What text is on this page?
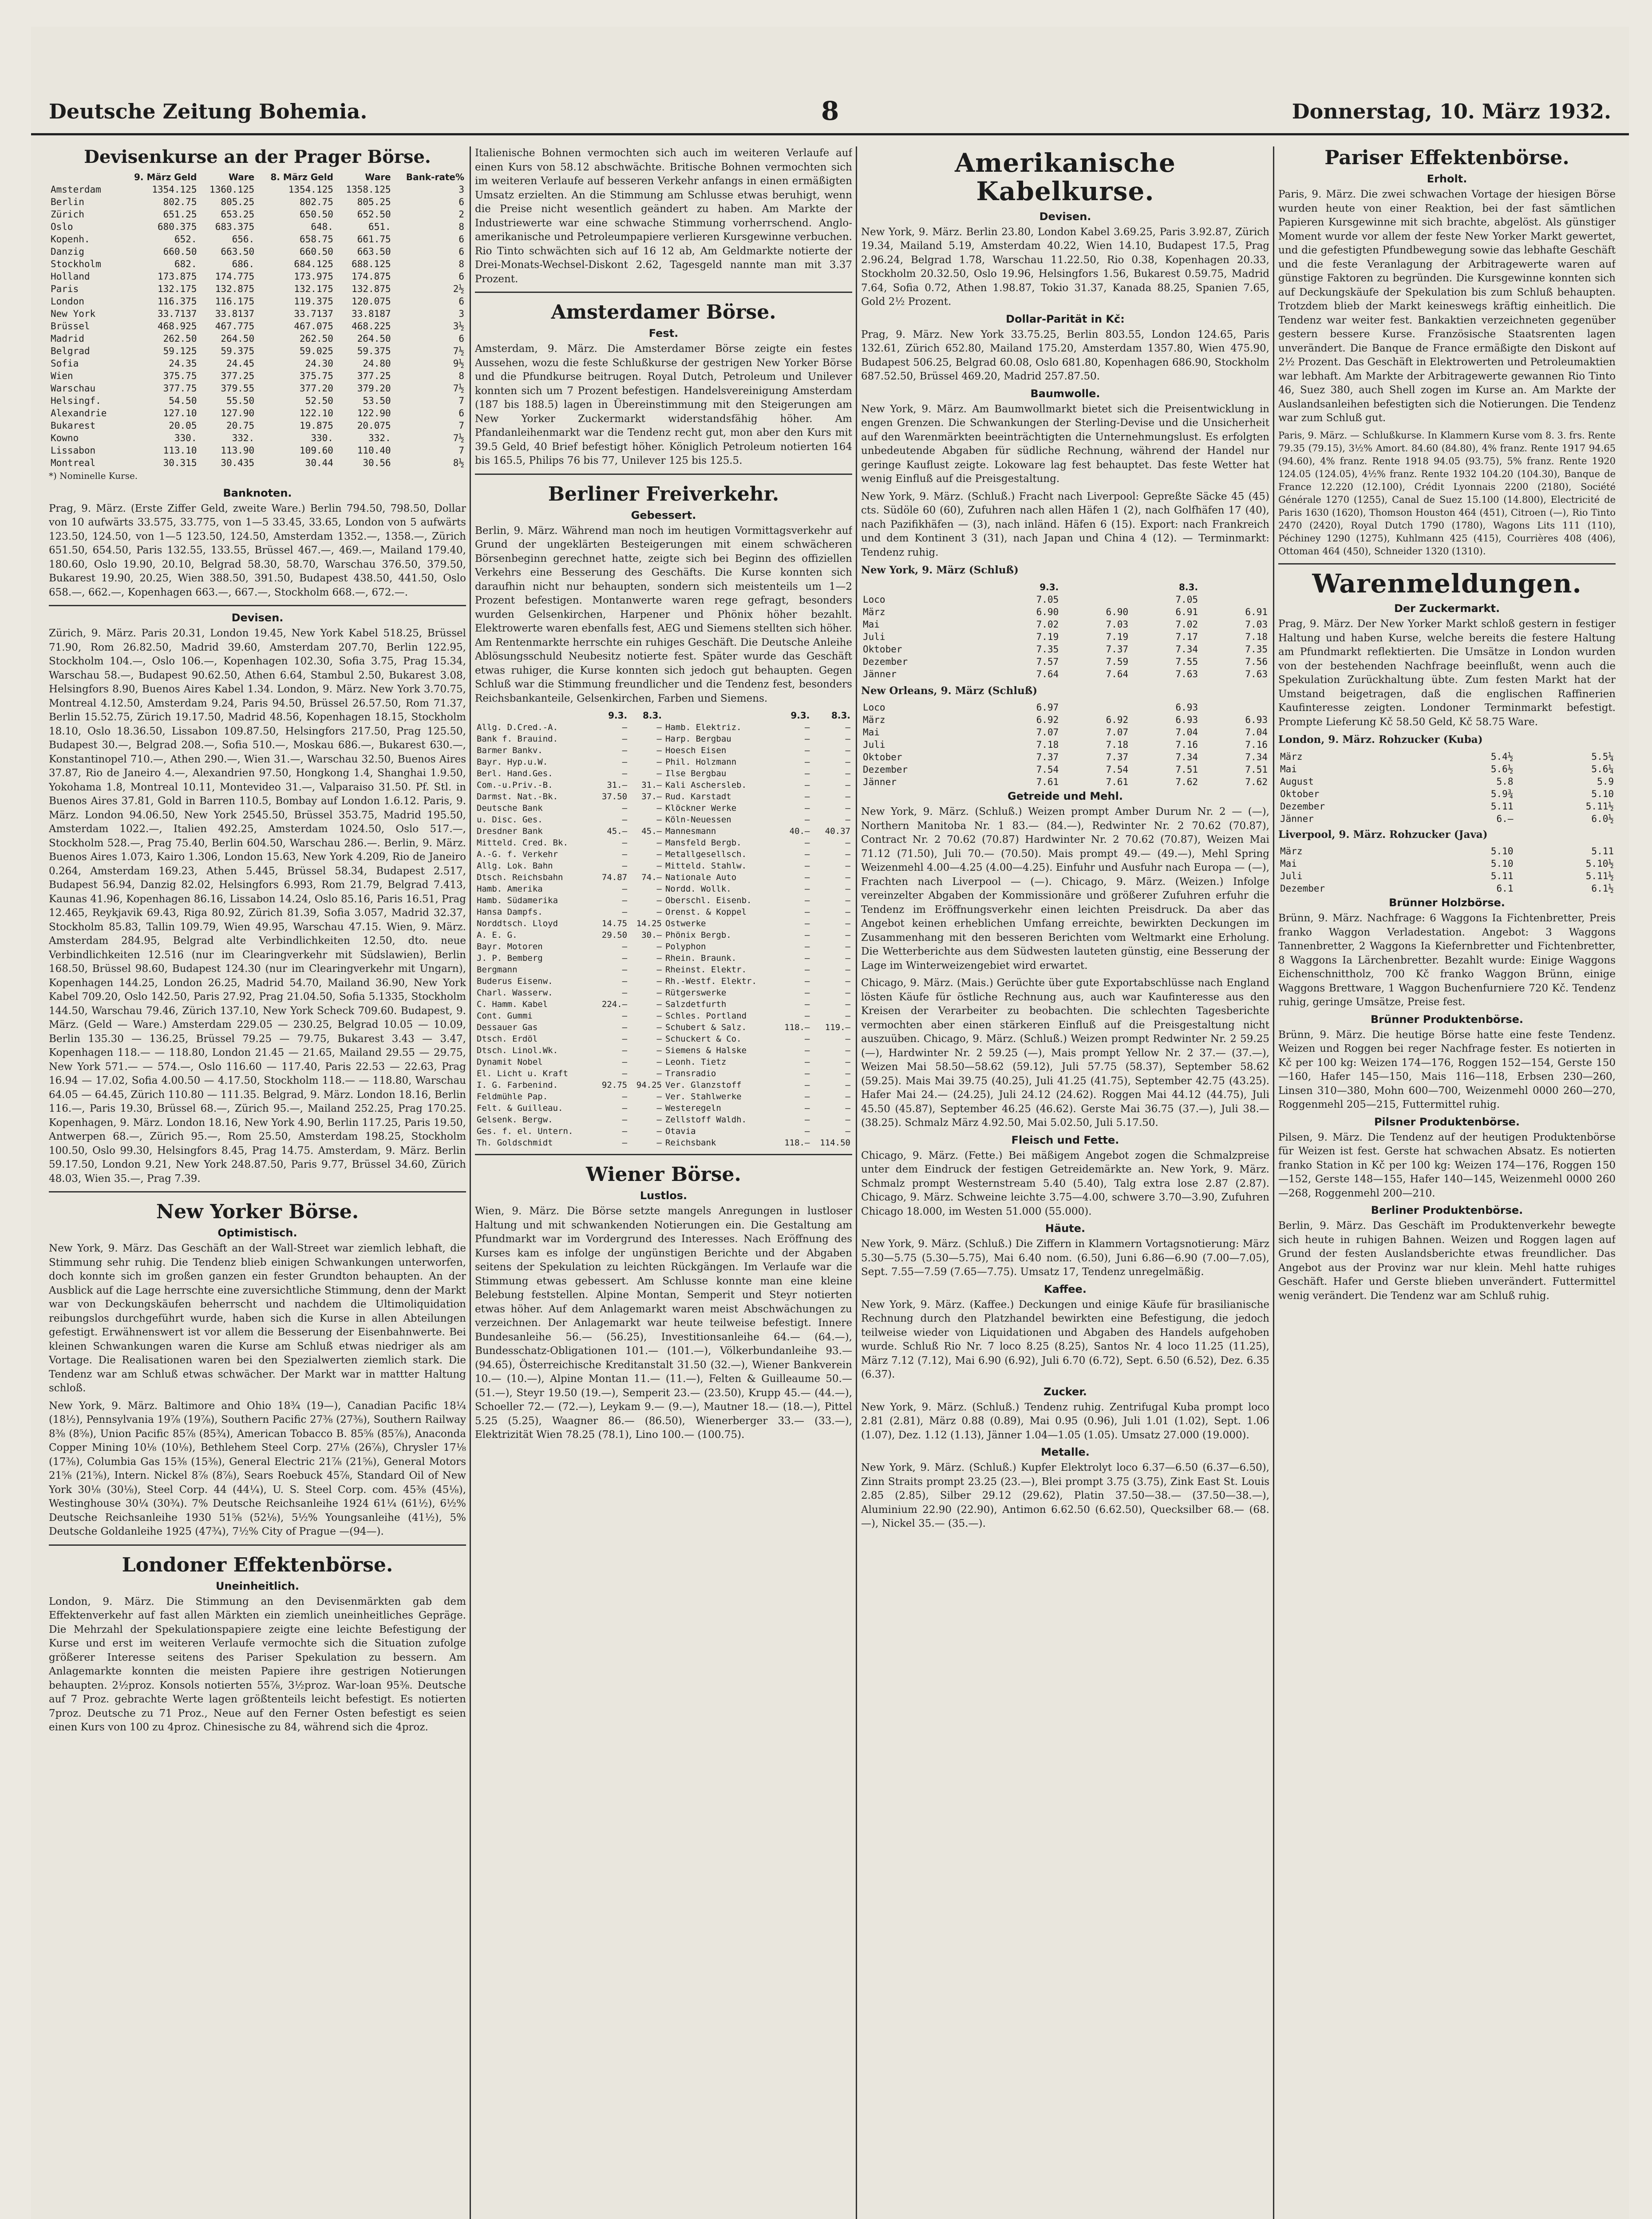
Deutsche Zeitung Bohemia.	8	Donnerstag, 10. März 1932.
Devisenkurse an der Prager Börse.
	9. März Geld	Ware	8. März Geld	Ware	Bank-rate%
Amsterdam	1354.125	1360.125	1354.125	1358.125	3
Berlin	802.75	805.25	802.75	805.25	6
Zürich	651.25	653.25	650.50	652.50	2
Oslo	680.375	683.375	648.	651.	8
Kopenh.	652.	656.	658.75	661.75	6
Danzig	660.50	663.50	660.50	663.50	6
Stockholm	682.	686.	684.125	688.125	8
Holland	173.875	174.775	173.975	174.875	6
Paris	132.175	132.875	132.175	132.875	2½
London	116.375	116.175	119.375	120.075	6
New York	33.7137	33.8137	33.7137	33.8187	3
Brüssel	468.925	467.775	467.075	468.225	3½
Madrid	262.50	264.50	262.50	264.50	6
Belgrad	59.125	59.375	59.025	59.375	7½
Sofia	24.35	24.45	24.30	24.80	9½
Wien	375.75	377.25	375.75	377.25	8
Warschau	377.75	379.55	377.20	379.20	7½
Helsingf.	54.50	55.50	52.50	53.50	7
Alexandrie	127.10	127.90	122.10	122.90	6
Bukarest	20.05	20.75	19.875	20.075	7
Kowno	330.	332.	330.	332.	7½
Lissabon	113.10	113.90	109.60	110.40	7
Montreal	30.315	30.435	30.44	30.56	8½
*) Nominelle Kurse.
Banknoten.
Prag, 9. März. (Erste Ziffer Geld, zweite Ware.) Berlin 794.50, 798.50, Dollar von 10 aufwärts 33.575, 33.775, von 1—5 33.45, 33.65, London von 5 aufwärts 123.50, 124.50, von 1—5 123.50, 124.50, Amsterdam 1352.—, 1358.—, Zürich 651.50, 654.50, Paris 132.55, 133.55, Brüssel 467.—, 469.—, Mailand 179.40, 180.60, Oslo 19.90, 20.10, Belgrad 58.30, 58.70, Warschau 376.50, 379.50, Bukarest 19.90, 20.25, Wien 388.50, 391.50, Budapest 438.50, 441.50, Oslo 658.—, 662.—, Kopenhagen 663.—, 667.—, Stockholm 668.—, 672.—.
Devisen.
Zürich, 9. März. Paris 20.31, London 19.45, New York Kabel 518.25, Brüssel 71.90, Rom 26.82.50, Madrid 39.60, Amsterdam 207.70, Berlin 122.95, Stockholm 104.—, Oslo 106.—, Kopenhagen 102.30, Sofia 3.75, Prag 15.34, Warschau 58.—, Budapest 90.62.50, Athen 6.64, Stambul 2.50, Bukarest 3.08, Helsingfors 8.90, Buenos Aires Kabel 1.34. London, 9. März. New York 3.70.75, Montreal 4.12.50, Amsterdam 9.24, Paris 94.50, Brüssel 26.57.50, Rom 71.37, Berlin 15.52.75, Zürich 19.17.50, Madrid 48.56, Kopenhagen 18.15, Stockholm 18.10, Oslo 18.36.50, Lissabon 109.87.50, Helsingfors 217.50, Prag 125.50, Budapest 30.—, Belgrad 208.—, Sofia 510.—, Moskau 686.—, Bukarest 630.—, Konstantinopel 710.—, Athen 290.—, Wien 31.—, Warschau 32.50, Buenos Aires 37.87, Rio de Janeiro 4.—, Alexandrien 97.50, Hongkong 1.4, Shanghai 1.9.50, Yokohama 1.8, Montreal 10.11, Montevideo 31.—, Valparaiso 31.50. Pf. Stl. in Buenos Aires 37.81, Gold in Barren 110.5, Bombay auf London 1.6.12. Paris, 9. März. London 94.06.50, New York 2545.50, Brüssel 353.75, Madrid 195.50, Amsterdam 1022.—, Italien 492.25, Amsterdam 1024.50, Oslo 517.—, Stockholm 528.—, Prag 75.40, Berlin 604.50, Warschau 286.—. Berlin, 9. März. Buenos Aires 1.073, Kairo 1.306, London 15.63, New York 4.209, Rio de Janeiro 0.264, Amsterdam 169.23, Athen 5.445, Brüssel 58.34, Budapest 2.517, Budapest 56.94, Danzig 82.02, Helsingfors 6.993, Rom 21.79, Belgrad 7.413, Kaunas 41.96, Kopenhagen 86.16, Lissabon 14.24, Oslo 85.16, Paris 16.51, Prag 12.465, Reykjavik 69.43, Riga 80.92, Zürich 81.39, Sofia 3.057, Madrid 32.37, Stockholm 85.83, Tallin 109.79, Wien 49.95, Warschau 47.15. Wien, 9. März. Amsterdam 284.95, Belgrad alte Verbindlichkeiten 12.50, dto. neue Verbindlichkeiten 12.516 (nur im Clearingverkehr mit Südslawien), Berlin 168.50, Brüssel 98.60, Budapest 124.30 (nur im Clearingverkehr mit Ungarn), Kopenhagen 144.25, London 26.25, Madrid 54.70, Mailand 36.90, New York Kabel 709.20, Oslo 142.50, Paris 27.92, Prag 21.04.50, Sofia 5.1335, Stockholm 144.50, Warschau 79.46, Zürich 137.10, New York Scheck 709.60. Budapest, 9. März. (Geld — Ware.) Amsterdam 229.05 — 230.25, Belgrad 10.05 — 10.09, Berlin 135.30 — 136.25, Brüssel 79.25 — 79.75, Bukarest 3.43 — 3.47, Kopenhagen 118.— — 118.80, London 21.45 — 21.65, Mailand 29.55 — 29.75, New York 571.— — 574.—, Oslo 116.60 — 117.40, Paris 22.53 — 22.63, Prag 16.94 — 17.02, Sofia 4.00.50 — 4.17.50, Stockholm 118.— — 118.80, Warschau 64.05 — 64.45, Zürich 110.80 — 111.35. Belgrad, 9. März. London 18.16, Berlin 116.—, Paris 19.30, Brüssel 68.—, Zürich 95.—, Mailand 252.25, Prag 170.25. Kopenhagen, 9. März. London 18.16, New York 4.90, Berlin 117.25, Paris 19.50, Antwerpen 68.—, Zürich 95.—, Rom 25.50, Amsterdam 198.25, Stockholm 100.50, Oslo 99.30, Helsingfors 8.45, Prag 14.75. Amsterdam, 9. März. Berlin 59.17.50, London 9.21, New York 248.87.50, Paris 9.77, Brüssel 34.60, Zürich 48.03, Wien 35.—, Prag 7.39.
New Yorker Börse.
Optimistisch.
New York, 9. März. Das Geschäft an der Wall-Street war ziemlich lebhaft, die Stimmung sehr ruhig. Die Tendenz blieb einigen Schwankungen unterworfen, doch konnte sich im großen ganzen ein fester Grundton behaupten. An der Ausblick auf die Lage herrschte eine zuversichtliche Stimmung, denn der Markt war von Deckungskäufen beherrscht und nachdem die Ultimoliquidation reibungslos durchgeführt wurde, haben sich die Kurse in allen Abteilungen gefestigt. Erwähnenswert ist vor allem die Besserung der Eisenbahnwerte. Bei kleinen Schwankungen waren die Kurse am Schluß etwas niedriger als am Vortage. Die Realisationen waren bei den Spezialwerten ziemlich stark. Die Tendenz war am Schluß etwas schwächer. Der Markt war in mattter Haltung schloß.
New York, 9. März. Baltimore and Ohio 18¾ (19—), Canadian Pacific 18¼ (18½), Pennsylvania 19⅞ (19⅞), Southern Pacific 27⅜ (27⅜), Southern Railway 8⅜ (8⅝), Union Pacific 85⅞ (85¾), American Tobacco B. 85⅝ (85⅞), Anaconda Copper Mining 10⅛ (10⅛), Bethlehem Steel Corp. 27⅛ (26⅞), Chrysler 17⅛ (17⅜), Columbia Gas 15⅜ (15⅜), General Electric 21⅞ (21⅝), General Motors 21⅝ (21⅝), Intern. Nickel 8⅞ (8⅞), Sears Roebuck 45⅞, Standard Oil of New York 30⅛ (30⅛), Steel Corp. 44 (44¼), U. S. Steel Corp. com. 45⅜ (45⅛), Westinghouse 30¼ (30¾). 7% Deutsche Reichsanleihe 1924 61¼ (61½), 6½% Deutsche Reichsanleihe 1930 51⅝ (52⅛), 5½% Youngsanleihe (41½), 5% Deutsche Goldanleihe 1925 (47¾), 7½% City of Prague —(94—).
Londoner Effektenbörse.
Uneinheitlich.
London, 9. März. Die Stimmung an den Devisenmärkten gab dem Effektenverkehr auf fast allen Märkten ein ziemlich uneinheitliches Gepräge. Die Mehrzahl der Spekulationspapiere zeigte eine leichte Befestigung der Kurse und erst im weiteren Verlaufe vermochte sich die Situation zufolge größerer Interesse seitens des Pariser Spekulation zu bessern. Am Anlagemarkte konnten die meisten Papiere ihre gestrigen Notierungen behaupten. 2½proz. Konsols notierten 55⅞, 3½proz. War-loan 95⅜. Deutsche auf 7 Proz. gebrachte Werte lagen größtenteils leicht befestigt. Es notierten 7proz. Deutsche zu 71 Proz., Neue auf den Ferner Osten befestigt es seien einen Kurs von 100 zu 4proz. Chinesische zu 84, während sich die 4proz.
Italienische Bohnen vermochten sich auch im weiteren Verlaufe auf einen Kurs von 58.12 abschwächte. Britische Bohnen vermochten sich im weiteren Verlaufe auf besseren Verkehr anfangs in einen ermäßigten Umsatz erzielten. An die Stimmung am Schlusse etwas beruhigt, wenn die Preise nicht wesentlich geändert zu haben. Am Markte der Industriewerte war eine schwache Stimmung vorherrschend. Anglo-amerikanische und Petroleumpapiere verlieren Kursgewinne verbuchen. Rio Tinto schwächten sich auf 16 12 ab, Am Geldmarkte notierte der Drei-Monats-Wechsel-Diskont 2.62, Tagesgeld nannte man mit 3.37 Prozent.
Amsterdamer Börse.
Fest.
Amsterdam, 9. März. Die Amsterdamer Börse zeigte ein festes Aussehen, wozu die feste Schlußkurse der gestrigen New Yorker Börse und die Pfundkurse beitrugen. Royal Dutch, Petroleum und Unilever konnten sich um 7 Prozent befestigen. Handelsvereinigung Amsterdam (187 bis 188.5) lagen in Übereinstimmung mit den Steigerungen am New Yorker Zuckermarkt widerstandsfähig höher. Am Pfandanleihenmarkt war die Tendenz recht gut, mon aber den Kurs mit 39.5 Geld, 40 Brief befestigt höher. Königlich Petroleum notierten 164 bis 165.5, Philips 76 bis 77, Unilever 125 bis 125.5.
Berliner Freiverkehr.
Gebessert.
Berlin, 9. März. Während man noch im heutigen Vormittagsverkehr auf Grund der ungeklärten Besteigerungen mit einem schwächeren Börsenbeginn gerechnet hatte, zeigte sich bei Beginn des offiziellen Verkehrs eine Besserung des Geschäfts. Die Kurse konnten sich daraufhin nicht nur behaupten, sondern sich meistenteils um 1—2 Prozent befestigen. Montanwerte waren rege gefragt, besonders wurden Gelsenkirchen, Harpener und Phönix höher bezahlt. Elektrowerte waren ebenfalls fest, AEG und Siemens stellten sich höher. Am Rentenmarkte herrschte ein ruhiges Geschäft. Die Deutsche Anleihe Ablösungsschuld Neubesitz notierte fest. Später wurde das Geschäft etwas ruhiger, die Kurse konnten sich jedoch gut behaupten. Gegen Schluß war die Stimmung freundlicher und die Tendenz fest, besonders Reichsbankanteile, Gelsenkirchen, Farben und Siemens.
	9.3.	8.3.		9.3.	8.3.
Allg. D.Cred.-A.	—	—	Hamb. Elektriz.	—	—
Bank f. Brauind.	—	—	Harp. Bergbau	—	—
Barmer Bankv.	—	—	Hoesch Eisen	—	—
Bayr. Hyp.u.W.	—	—	Phil. Holzmann	—	—
Berl. Hand.Ges.	—	—	Ilse Bergbau	—	—
Com.-u.Priv.-B.	31.—	31.—	Kali Aschersleb.	—	—
Darmst. Nat.-Bk.	37.50	37.—	Rud. Karstadt	—	—
Deutsche Bank	—	—	Klöckner Werke	—	—
u. Disc. Ges.	—	—	Köln-Neuessen	—	—
Dresdner Bank	45.—	45.—	Mannesmann	40.—	40.37
Mitteld. Cred. Bk.	—	—	Mansfeld Bergb.	—	—
A.-G. f. Verkehr	—	—	Metallgesellsch.	—	—
Allg. Lok. Bahn	—	—	Mitteld. Stahlw.	—	—
Dtsch. Reichsbahn	74.87	74.—	Nationale Auto	—	—
Hamb. Amerika	—	—	Nordd. Wollk.	—	—
Hamb. Südamerika	—	—	Oberschl. Eisenb.	—	—
Hansa Dampfs.	—	—	Orenst. & Koppel	—	—
Norddtsch. Lloyd	14.75	14.25	Ostwerke	—	—
A. E. G.	29.50	30.—	Phönix Bergb.	—	—
Bayr. Motoren	—	—	Polyphon	—	—
J. P. Bemberg	—	—	Rhein. Braunk.	—	—
Bergmann	—	—	Rheinst. Elektr.	—	—
Buderus Eisenw.	—	—	Rh.-Westf. Elektr.	—	—
Charl. Wasserw.	—	—	Rütgerswerke	—	—
C. Hamm. Kabel	224.—	—	Salzdetfurth	—	—
Cont. Gummi	—	—	Schles. Portland	—	—
Dessauer Gas	—	—	Schubert & Salz.	118.—	119.—
Dtsch. Erdöl	—	—	Schuckert & Co.	—	—
Dtsch. Linol.Wk.	—	—	Siemens & Halske	—	—
Dynamit Nobel	—	—	Leonh. Tietz	—	—
El. Licht u. Kraft	—	—	Transradio	—	—
I. G. Farbenind.	92.75	94.25	Ver. Glanzstoff	—	—
Feldmühle Pap.	—	—	Ver. Stahlwerke	—	—
Felt. & Guilleau.	—	—	Westeregeln	—	—
Gelsenk. Bergw.	—	—	Zellstoff Waldh.	—	—
Ges. f. el. Untern.	—	—	Otavia	—	—
Th. Goldschmidt	—	—	Reichsbank	118.—	114.50
Wiener Börse.
Lustlos.
Wien, 9. März. Die Börse setzte mangels Anregungen in lustloser Haltung und mit schwankenden Notierungen ein. Die Gestaltung am Pfundmarkt war im Vordergrund des Interesses. Nach Eröffnung des Kurses kam es infolge der ungünstigen Berichte und der Abgaben seitens der Spekulation zu leichten Rückgängen. Im Verlaufe war die Stimmung etwas gebessert. Am Schlusse konnte man eine kleine Belebung feststellen. Alpine Montan, Semperit und Steyr notierten etwas höher. Auf dem Anlagemarkt waren meist Abschwächungen zu verzeichnen. Der Anlagemarkt war heute teilweise befestigt. Innere Bundesanleihe 56.— (56.25), Investitionsanleihe 64.— (64.—), Bundesschatz-Obligationen 101.— (101.—), Völkerbundanleihe 93.— (94.65), Österreichische Kreditanstalt 31.50 (32.—), Wiener Bankverein 10.— (10.—), Alpine Montan 11.— (11.—), Felten & Guilleaume 50.— (51.—), Steyr 19.50 (19.—), Semperit 23.— (23.50), Krupp 45.— (44.—), Schoeller 72.— (72.—), Leykam 9.— (9.—), Mautner 18.— (18.—), Pittel 5.25 (5.25), Waagner 86.— (86.50), Wienerberger 33.— (33.—), Elektrizität Wien 78.25 (78.1), Lino 100.— (100.75).
Amerikanische Kabelkurse.
Devisen.
New York, 9. März. Berlin 23.80, London Kabel 3.69.25, Paris 3.92.87, Zürich 19.34, Mailand 5.19, Amsterdam 40.22, Wien 14.10, Budapest 17.5, Prag 2.96.24, Belgrad 1.78, Warschau 11.22.50, Rio 0.38, Kopenhagen 20.33, Stockholm 20.32.50, Oslo 19.96, Helsingfors 1.56, Bukarest 0.59.75, Madrid 7.64, Sofia 0.72, Athen 1.98.87, Tokio 31.37, Kanada 88.25, Spanien 7.65, Gold 2½ Prozent.
Dollar-Parität in Kč:
Prag, 9. März. New York 33.75.25, Berlin 803.55, London 124.65, Paris 132.61, Zürich 652.80, Mailand 175.20, Amsterdam 1357.80, Wien 475.90, Budapest 506.25, Belgrad 60.08, Oslo 681.80, Kopenhagen 686.90, Stockholm 687.52.50, Brüssel 469.20, Madrid 257.87.50.
Baumwolle.
New York, 9. März. Am Baumwollmarkt bietet sich die Preisentwicklung in engen Grenzen. Die Schwankungen der Sterling-Devise und die Unsicherheit auf den Warenmärkten beeinträchtigten die Unternehmungslust. Es erfolgten unbedeutende Abgaben für südliche Rechnung, während der Handel nur geringe Kauflust zeigte. Lokoware lag fest behauptet. Das feste Wetter hat wenig Einfluß auf die Preisgestaltung.
New York, 9. März. (Schluß.) Fracht nach Liverpool: Gepreßte Säcke 45 (45) cts. Südöle 60 (60), Zufuhren nach allen Häfen 1 (2), nach Golfhäfen 17 (40), nach Pazifikhäfen — (3), nach inländ. Häfen 6 (15). Export: nach Frankreich und dem Kontinent 3 (31), nach Japan und China 4 (12). — Terminmarkt: Tendenz ruhig.
New York, 9. März (Schluß)
	9.3.		8.3.	
Loco	7.05		7.05	
März	6.90	6.90	6.91	6.91
Mai	7.02	7.03	7.02	7.03
Juli	7.19	7.19	7.17	7.18
Oktober	7.35	7.37	7.34	7.35
Dezember	7.57	7.59	7.55	7.56
Jänner	7.64	7.64	7.63	7.63
New Orleans, 9. März (Schluß)
Loco	6.97		6.93	
März	6.92	6.92	6.93	6.93
Mai	7.07	7.07	7.04	7.04
Juli	7.18	7.18	7.16	7.16
Oktober	7.37	7.37	7.34	7.34
Dezember	7.54	7.54	7.51	7.51
Jänner	7.61	7.61	7.62	7.62
Getreide und Mehl.
New York, 9. März. (Schluß.) Weizen prompt Amber Durum Nr. 2 — (—), Northern Manitoba Nr. 1 83.— (84.—), Redwinter Nr. 2 70.62 (70.87), Contract Nr. 2 70.62 (70.87) Hardwinter Nr. 2 70.62 (70.87), Weizen Mai 71.12 (71.50), Juli 70.— (70.50). Mais prompt 49.— (49.—), Mehl Spring Weizenmehl 4.00—4.25 (4.00—4.25). Einfuhr und Ausfuhr nach Europa — (—), Frachten nach Liverpool — (—). Chicago, 9. März. (Weizen.) Infolge vereinzelter Abgaben der Kommissionäre und größerer Zufuhren erfuhr die Tendenz im Eröffnungsverkehr einen leichten Preisdruck. Da aber das Angebot keinen erheblichen Umfang erreichte, bewirkten Deckungen im Zusammenhang mit den besseren Berichten vom Weltmarkt eine Erholung. Die Wetterberichte aus dem Südwesten lauteten günstig, eine Besserung der Lage im Winterweizengebiet wird erwartet.
Chicago, 9. März. (Mais.) Gerüchte über gute Exportabschlüsse nach England lösten Käufe für östliche Rechnung aus, auch war Kaufinteresse aus den Kreisen der Verarbeiter zu beobachten. Die schlechten Tagesberichte vermochten aber einen stärkeren Einfluß auf die Preisgestaltung nicht auszuüben. Chicago, 9. März. (Schluß.) Weizen prompt Redwinter Nr. 2 59.25 (—), Hardwinter Nr. 2 59.25 (—), Mais prompt Yellow Nr. 2 37.— (37.—), Weizen Mai 58.50—58.62 (59.12), Juli 57.75 (58.37), September 58.62 (59.25). Mais Mai 39.75 (40.25), Juli 41.25 (41.75), September 42.75 (43.25). Hafer Mai 24.— (24.25), Juli 24.12 (24.62). Roggen Mai 44.12 (44.75), Juli 45.50 (45.87), September 46.25 (46.62). Gerste Mai 36.75 (37.—), Juli 38.— (38.25). Schmalz März 4.92.50, Mai 5.02.50, Juli 5.17.50.
Fleisch und Fette.
Chicago, 9. März. (Fette.) Bei mäßigem Angebot zogen die Schmalzpreise unter dem Eindruck der festigen Getreidemärkte an. New York, 9. März. Schmalz prompt Westernstream 5.40 (5.40), Talg extra lose 2.87 (2.87). Chicago, 9. März. Schweine leichte 3.75—4.00, schwere 3.70—3.90, Zufuhren Chicago 18.000, im Westen 51.000 (55.000).
Häute.
New York, 9. März. (Schluß.) Die Ziffern in Klammern Vortagsnotierung: März 5.30—5.75 (5.30—5.75), Mai 6.40 nom. (6.50), Juni 6.86—6.90 (7.00—7.05), Sept. 7.55—7.59 (7.65—7.75). Umsatz 17, Tendenz unregelmäßig.
Kaffee.
New York, 9. März. (Kaffee.) Deckungen und einige Käufe für brasilianische Rechnung durch den Platzhandel bewirkten eine Befestigung, die jedoch teilweise wieder von Liquidationen und Abgaben des Handels aufgehoben wurde. Schluß Rio Nr. 7 loco 8.25 (8.25), Santos Nr. 4 loco 11.25 (11.25), März 7.12 (7.12), Mai 6.90 (6.92), Juli 6.70 (6.72), Sept. 6.50 (6.52), Dez. 6.35 (6.37).
Zucker.
New York, 9. März. (Schluß.) Tendenz ruhig. Zentrifugal Kuba prompt loco 2.81 (2.81), März 0.88 (0.89), Mai 0.95 (0.96), Juli 1.01 (1.02), Sept. 1.06 (1.07), Dez. 1.12 (1.13), Jänner 1.04—1.05 (1.05). Umsatz 27.000 (19.000).
Metalle.
New York, 9. März. (Schluß.) Kupfer Elektrolyt loco 6.37—6.50 (6.37—6.50), Zinn Straits prompt 23.25 (23.—), Blei prompt 3.75 (3.75), Zink East St. Louis 2.85 (2.85), Silber 29.12 (29.62), Platin 37.50—38.— (37.50—38.—), Aluminium 22.90 (22.90), Antimon 6.62.50 (6.62.50), Quecksilber 68.— (68.—), Nickel 35.— (35.—).
Pariser Effektenbörse.
Erholt.
Paris, 9. März. Die zwei schwachen Vortage der hiesigen Börse wurden heute von einer Reaktion, bei der fast sämtlichen Papieren Kursgewinne mit sich brachte, abgelöst. Als günstiger Moment wurde vor allem der feste New Yorker Markt gewertet, und die gefestigten Pfundbewegung sowie das lebhafte Geschäft und die feste Veranlagung der Arbitragewerte waren auf günstige Faktoren zu begründen. Die Kursgewinne konnten sich auf Deckungskäufe der Spekulation bis zum Schluß behaupten. Trotzdem blieb der Markt keineswegs kräftig einheitlich. Die Tendenz war weiter fest. Bankaktien verzeichneten gegenüber gestern bessere Kurse. Französische Staatsrenten lagen unverändert. Die Banque de France ermäßigte den Diskont auf 2½ Prozent. Das Geschäft in Elektrowerten und Petroleumaktien war lebhaft. Am Markte der Arbitragewerte gewannen Rio Tinto 46, Suez 380, auch Shell zogen im Kurse an. Am Markte der Auslandsanleihen befestigten sich die Notierungen. Die Tendenz war zum Schluß gut.
Paris, 9. März. — Schlußkurse. In Klammern Kurse vom 8. 3. frs. Rente 79.35 (79.15), 3½% Amort. 84.60 (84.80), 4% franz. Rente 1917 94.65 (94.60), 4% franz. Rente 1918 94.05 (93.75), 5% franz. Rente 1920 124.05 (124.05), 4½% franz. Rente 1932 104.20 (104.30), Banque de France 12.220 (12.100), Crédit Lyonnais 2200 (2180), Société Générale 1270 (1255), Canal de Suez 15.100 (14.800), Electricité de Paris 1630 (1620), Thomson Houston 464 (451), Citroen (—), Rio Tinto 2470 (2420), Royal Dutch 1790 (1780), Wagons Lits 111 (110), Péchiney 1290 (1275), Kuhlmann 425 (415), Courrières 408 (406), Ottoman 464 (450), Schneider 1320 (1310).
Warenmeldungen.
Der Zuckermarkt.
Prag, 9. März. Der New Yorker Markt schloß gestern in festiger Haltung und haben Kurse, welche bereits die festere Haltung am Pfundmarkt reflektierten. Die Umsätze in London wurden von der bestehenden Nachfrage beeinflußt, wenn auch die Spekulation Zurückhaltung übte. Zum festen Markt hat der Umstand beigetragen, daß die englischen Raffinerien Kaufinteresse zeigten. Londoner Terminmarkt befestigt. Prompte Lieferung Kč 58.50 Geld, Kč 58.75 Ware.
London, 9. März. Rohzucker (Kuba)
März	5.4½	5.5¼
Mai	5.6½	5.6¼
August	5.8	5.9
Oktober	5.9¾	5.10
Dezember	5.11	5.11½
Jänner	6.—	6.0½
Liverpool, 9. März. Rohzucker (Java)
März	5.10	5.11
Mai	5.10	5.10½
Juli	5.11	5.11½
Dezember	6.1	6.1½
Brünner Holzbörse.
Brünn, 9. März. Nachfrage: 6 Waggons Ia Fichtenbretter, Preis franko Waggon Verladestation. Angebot: 3 Waggons Tannenbretter, 2 Waggons Ia Kiefernbretter und Fichtenbretter, 8 Waggons Ia Lärchenbretter. Bezahlt wurde: Einige Waggons Eichenschnittholz, 700 Kč franko Waggon Brünn, einige Waggons Brettware, 1 Waggon Buchenfurniere 720 Kč. Tendenz ruhig, geringe Umsätze, Preise fest.
Brünner Produktenbörse.
Brünn, 9. März. Die heutige Börse hatte eine feste Tendenz. Weizen und Roggen bei reger Nachfrage fester. Es notierten in Kč per 100 kg: Weizen 174—176, Roggen 152—154, Gerste 150—160, Hafer 145—150, Mais 116—118, Erbsen 230—260, Linsen 310—380, Mohn 600—700, Weizenmehl 0000 260—270, Roggenmehl 205—215, Futtermittel ruhig.
Pilsner Produktenbörse.
Pilsen, 9. März. Die Tendenz auf der heutigen Produktenbörse für Weizen ist fest. Gerste hat schwachen Absatz. Es notierten franko Station in Kč per 100 kg: Weizen 174—176, Roggen 150—152, Gerste 148—155, Hafer 140—145, Weizenmehl 0000 260—268, Roggenmehl 200—210.
Berliner Produktenbörse.
Berlin, 9. März. Das Geschäft im Produktenverkehr bewegte sich heute in ruhigen Bahnen. Weizen und Roggen lagen auf Grund der festen Auslandsberichte etwas freundlicher. Das Angebot aus der Provinz war nur klein. Mehl hatte ruhiges Geschäft. Hafer und Gerste blieben unverändert. Futtermittel wenig verändert. Die Tendenz war am Schluß ruhig.
